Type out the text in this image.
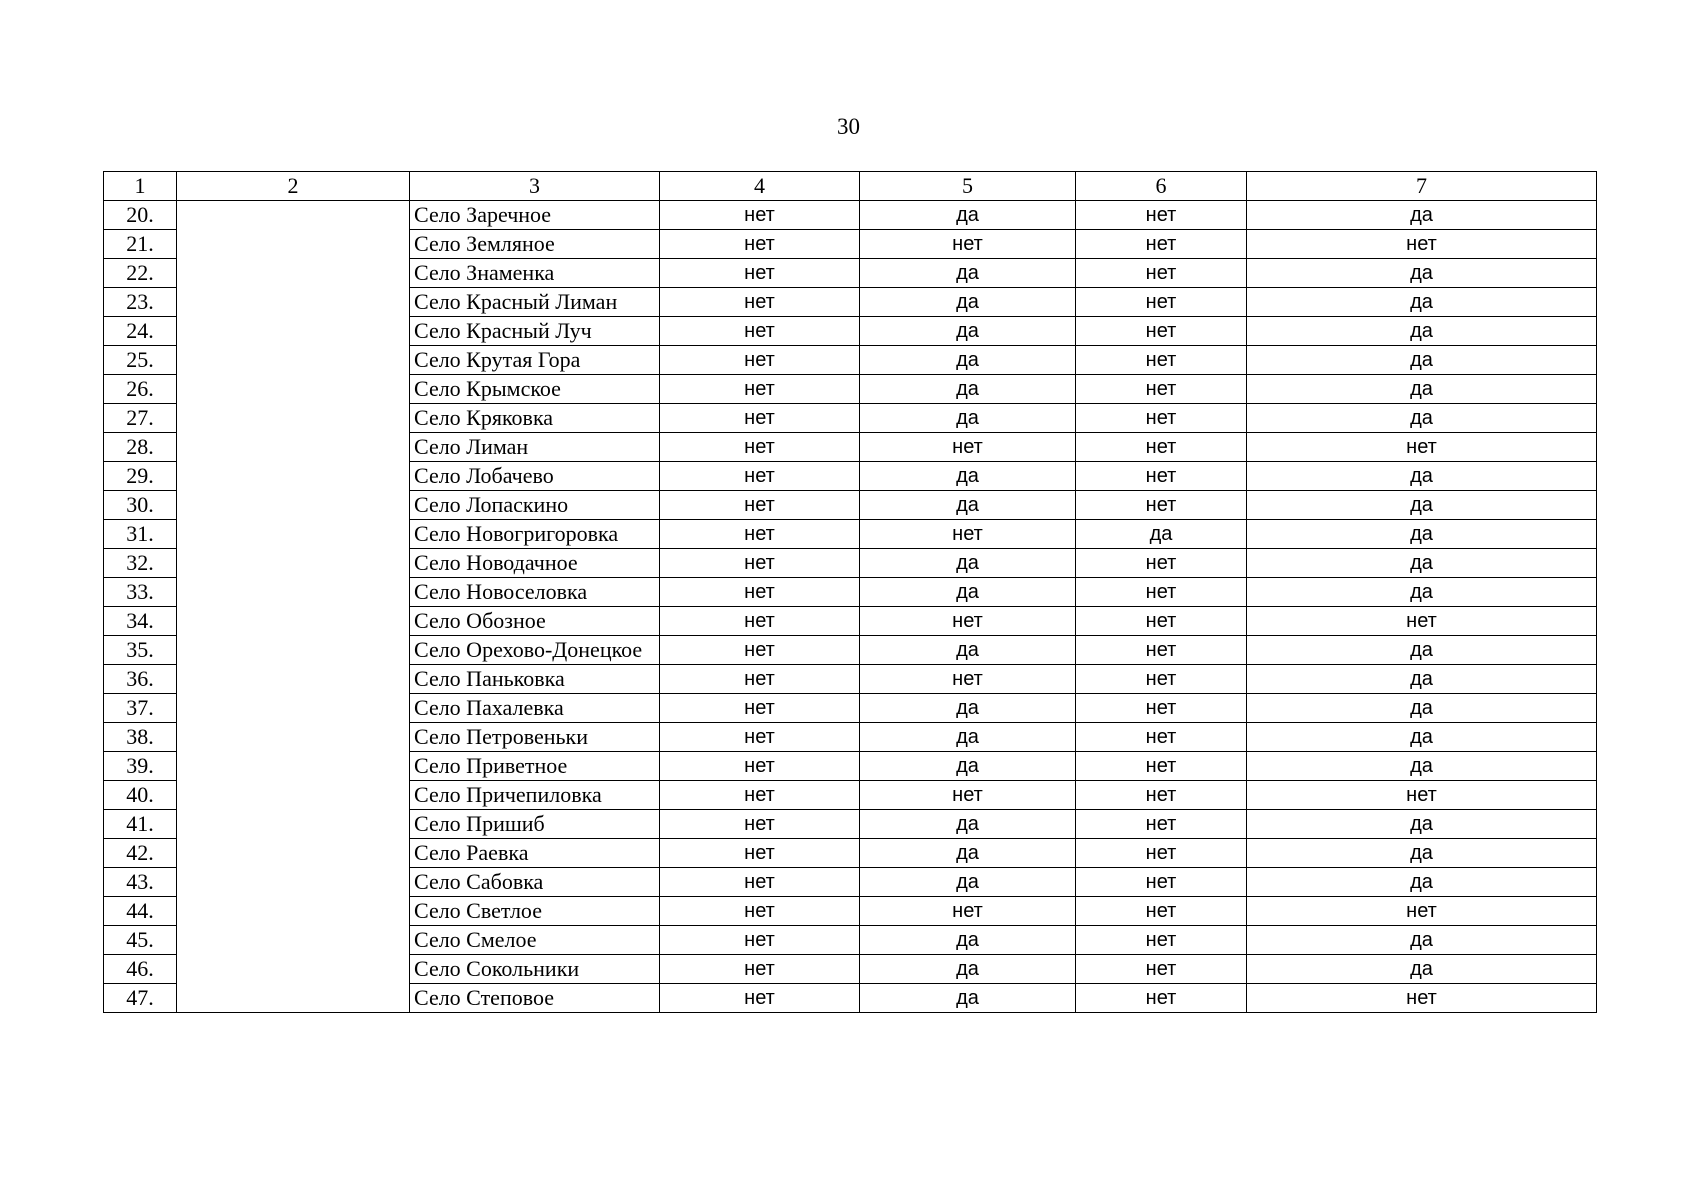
30
1	2	3	4	5	6	7
20.		Село Заречное	нет	да	нет	да
21.		Село Земляное	нет	нет	нет	нет
22.		Село Знаменка	нет	да	нет	да
23.		Село Красный Лиман	нет	да	нет	да
24.		Село Красный Луч	нет	да	нет	да
25.		Село Крутая Гора	нет	да	нет	да
26.		Село Крымское	нет	да	нет	да
27.		Село Кряковка	нет	да	нет	да
28.		Село Лиман	нет	нет	нет	нет
29.		Село Лобачево	нет	да	нет	да
30.		Село Лопаскино	нет	да	нет	да
31.		Село Новогригоровка	нет	нет	да	да
32.		Село Новодачное	нет	да	нет	да
33.		Село Новоселовка	нет	да	нет	да
34.		Село Обозное	нет	нет	нет	нет
35.		Село Орехово-Донецкое	нет	да	нет	да
36.		Село Паньковка	нет	нет	нет	да
37.		Село Пахалевка	нет	да	нет	да
38.		Село Петровеньки	нет	да	нет	да
39.		Село Приветное	нет	да	нет	да
40.		Село Причепиловка	нет	нет	нет	нет
41.		Село Пришиб	нет	да	нет	да
42.		Село Раевка	нет	да	нет	да
43.		Село Сабовка	нет	да	нет	да
44.		Село Светлое	нет	нет	нет	нет
45.		Село Смелое	нет	да	нет	да
46.		Село Сокольники	нет	да	нет	да
47.		Село Степовое	нет	да	нет	нет
